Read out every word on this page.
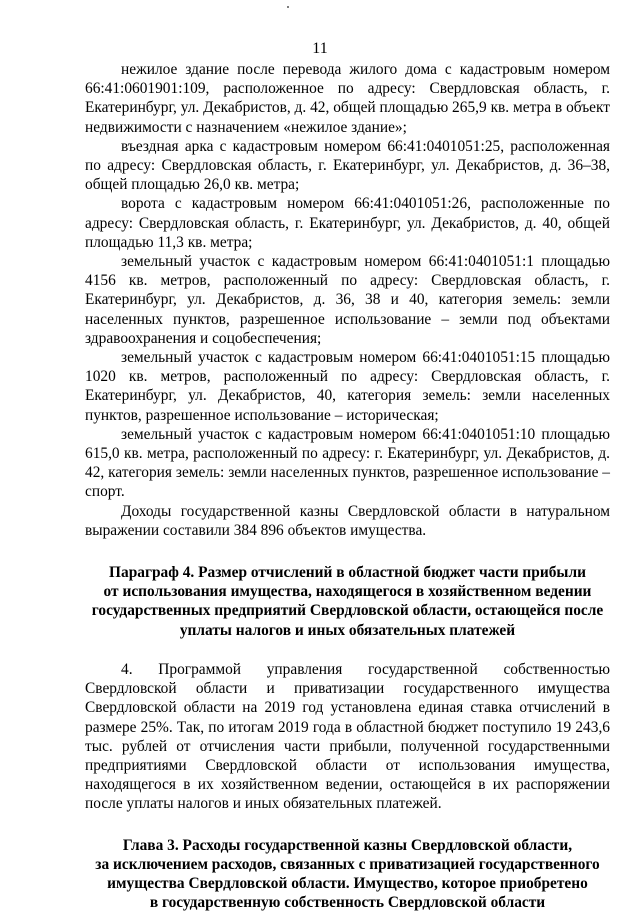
11

нежилое здание после перевода жилого дома с кадастровым номером 66:41:0601901:109, расположенное по адресу: Свердловская область, г. Екатеринбург, ул. Декабристов, д. 42, общей площадью 265,9 кв. метра в объект недвижимости с назначением «нежилое здание»;

въездная арка с кадастровым номером 66:41:0401051:25, расположенная по адресу: Свердловская область, г. Екатеринбург, ул. Декабристов, д. 36–38, общей площадью 26,0 кв. метра;

ворота с кадастровым номером 66:41:0401051:26, расположенные по адресу: Свердловская область, г. Екатеринбург, ул. Декабристов, д. 40, общей площадью 11,3 кв. метра;

земельный участок с кадастровым номером 66:41:0401051:1 площадью 4156 кв. метров, расположенный по адресу: Свердловская область, г. Екатеринбург, ул. Декабристов, д. 36, 38 и 40, категория земель: земли населенных пунктов, разрешенное использование – земли под объектами здравоохранения и соцобеспечения;

земельный участок с кадастровым номером 66:41:0401051:15 площадью 1020 кв. метров, расположенный по адресу: Свердловская область, г. Екатеринбург, ул. Декабристов, 40, категория земель: земли населенных пунктов, разрешенное использование – историческая;

земельный участок с кадастровым номером 66:41:0401051:10 площадью 615,0 кв. метра, расположенный по адресу: г. Екатеринбург, ул. Декабристов, д. 42, категория земель: земли населенных пунктов, разрешенное использование – спорт.

Доходы государственной казны Свердловской области в натуральном выражении составили 384 896 объектов имущества.

Параграф 4. Размер отчислений в областной бюджет части прибыли
от использования имущества, находящегося в хозяйственном ведении
государственных предприятий Свердловской области, остающейся после
уплаты налогов и иных обязательных платежей

4. Программой управления государственной собственностью Свердловской области и приватизации государственного имущества Свердловской области на 2019 год установлена единая ставка отчислений в размере 25%. Так, по итогам 2019 года в областной бюджет поступило 19 243,6 тыс. рублей от отчисления части прибыли, полученной государственными предприятиями Свердловской области от использования имущества, находящегося в их хозяйственном ведении, остающейся в их распоряжении после уплаты налогов и иных обязательных платежей.

Глава 3. Расходы государственной казны Свердловской области,
за исключением расходов, связанных с приватизацией государственного
имущества Свердловской области. Имущество, которое приобретено
в государственную собственность Свердловской области
